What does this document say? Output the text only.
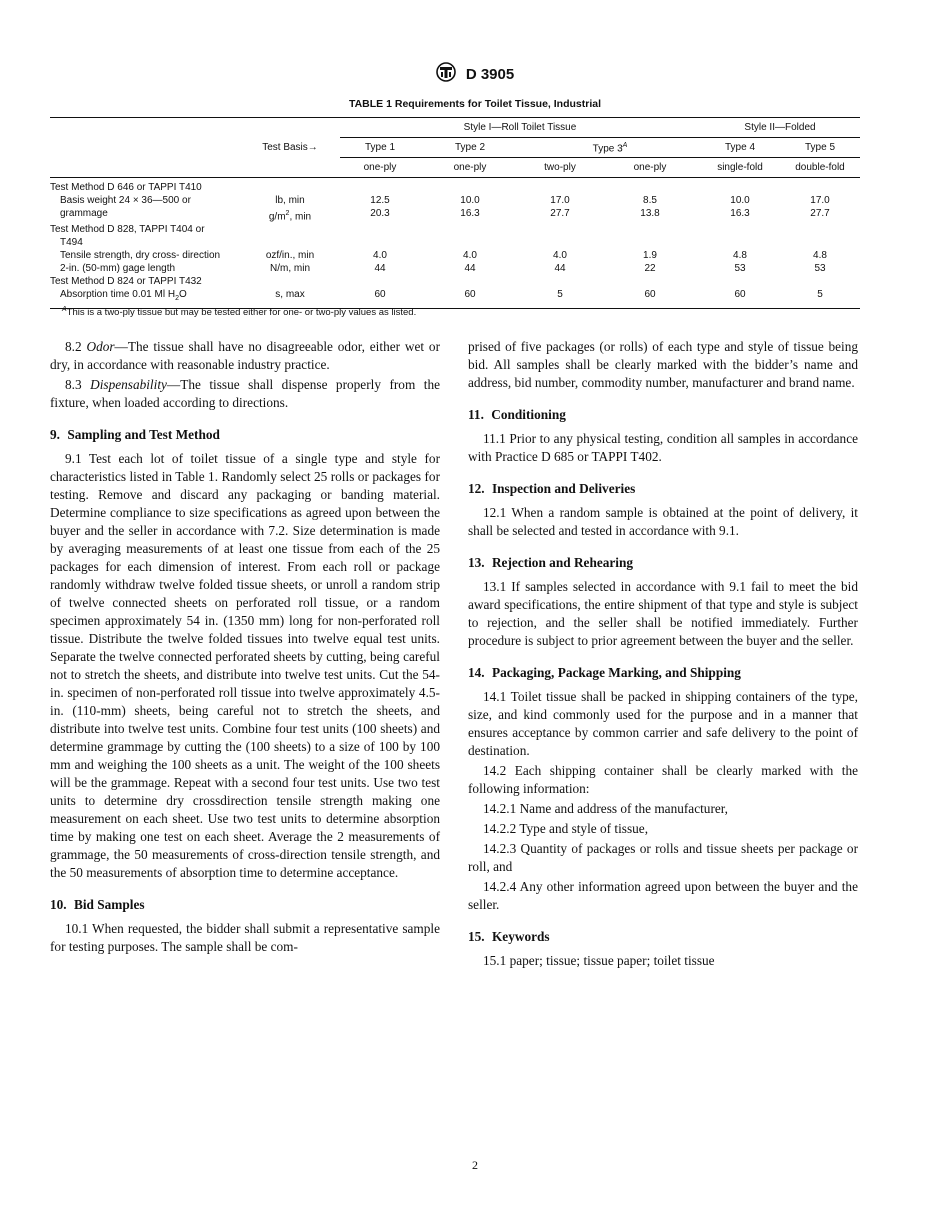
D 3905
TABLE 1 Requirements for Toilet Tissue, Industrial
		Style I—Roll Toilet Tissue				Style II—Folded	
	Test Basis→	Type 1	Type 2	Type $3^A$		Type 4	Type 5
		one-ply	one-ply	two-ply	one-ply	single-fold	double-fold
Test Method D 646 or TAPPI T410							
Basis weight 24 × 36—500 or	lb, min	12.5	10.0	17.0	8.5	10.0	17.0
grammage	$g/m^2$, min	20.3	16.3	27.7	13.8	16.3	27.7
Test Method D 828, TAPPI T404 or							
T494							
Tensile strength, dry cross- direction	ozf/in., min	4.0	4.0	4.0	1.9	4.8	4.8
2-in. (50-mm) gage length	N/m, min	44	44	44	22	53	53
Test Method D 824 or TAPPI T432							
Absorption time 0.01 Ml $H_2O$	s, max	60	60	5	60	60	5
$^A$This is a two-ply tissue but may be tested either for one- or two-ply values as listed.

8.2 Odor—The tissue shall have no disagreeable odor, either wet or dry, in accordance with reasonable industry practice.

8.3 Dispensability—The tissue shall dispense properly from the fixture, when loaded according to directions.

9. Sampling and Test Method

9.1 Test each lot of toilet tissue of a single type and style for characteristics listed in Table 1. Randomly select 25 rolls or packages for testing. Remove and discard any packaging or banding material. Determine compliance to size specifications as agreed upon between the buyer and the seller in accordance with 7.2. Size determination is made by averaging measurements of at least one tissue from each of the 25 packages for each dimension of interest. From each roll or package randomly withdraw twelve folded tissue sheets, or unroll a random strip of twelve connected sheets on perforated roll tissue, or a random specimen approximately 54 in. (1350 mm) long for non-perforated roll tissue. Distribute the twelve folded tissues into twelve equal test units. Separate the twelve connected perforated sheets by cutting, being careful not to stretch the sheets, and distribute into twelve test units. Cut the 54-in. specimen of non-perforated roll tissue into twelve approximately 4.5-in. (110-mm) sheets, being careful not to stretch the sheets, and distribute into twelve test units. Combine four test units (100 sheets) and determine grammage by cutting the (100 sheets) to a size of 100 by 100 mm and weighing the 100 sheets as a unit. The weight of the 100 sheets will be the grammage. Repeat with a second four test units. Use two test units to determine dry crossdirection tensile strength making one measurement on each sheet. Use two test units to determine absorption time by making one test on each sheet. Average the 2 measurements of grammage, the 50 measurements of cross-direction tensile strength, and the 50 measurements of absorption time to determine acceptance.

10. Bid Samples

10.1 When requested, the bidder shall submit a representative sample for testing purposes. The sample shall be com-

prised of five packages (or rolls) of each type and style of tissue being bid. All samples shall be clearly marked with the bidder’s name and address, bid number, commodity number, manufacturer and brand name.

11. Conditioning

11.1 Prior to any physical testing, condition all samples in accordance with Practice D 685 or TAPPI T402.

12. Inspection and Deliveries

12.1 When a random sample is obtained at the point of delivery, it shall be selected and tested in accordance with 9.1.

13. Rejection and Rehearing

13.1 If samples selected in accordance with 9.1 fail to meet the bid award specifications, the entire shipment of that type and style is subject to rejection, and the seller shall be notified immediately. Further procedure is subject to prior agreement between the buyer and the seller.

14. Packaging, Package Marking, and Shipping

14.1 Toilet tissue shall be packed in shipping containers of the type, size, and kind commonly used for the purpose and in a manner that ensures acceptance by common carrier and safe delivery to the point of destination.

14.2 Each shipping container shall be clearly marked with the following information:

14.2.1 Name and address of the manufacturer,

14.2.2 Type and style of tissue,

14.2.3 Quantity of packages or rolls and tissue sheets per package or roll, and

14.2.4 Any other information agreed upon between the buyer and the seller.

15. Keywords

15.1 paper; tissue; tissue paper; toilet tissue

2
